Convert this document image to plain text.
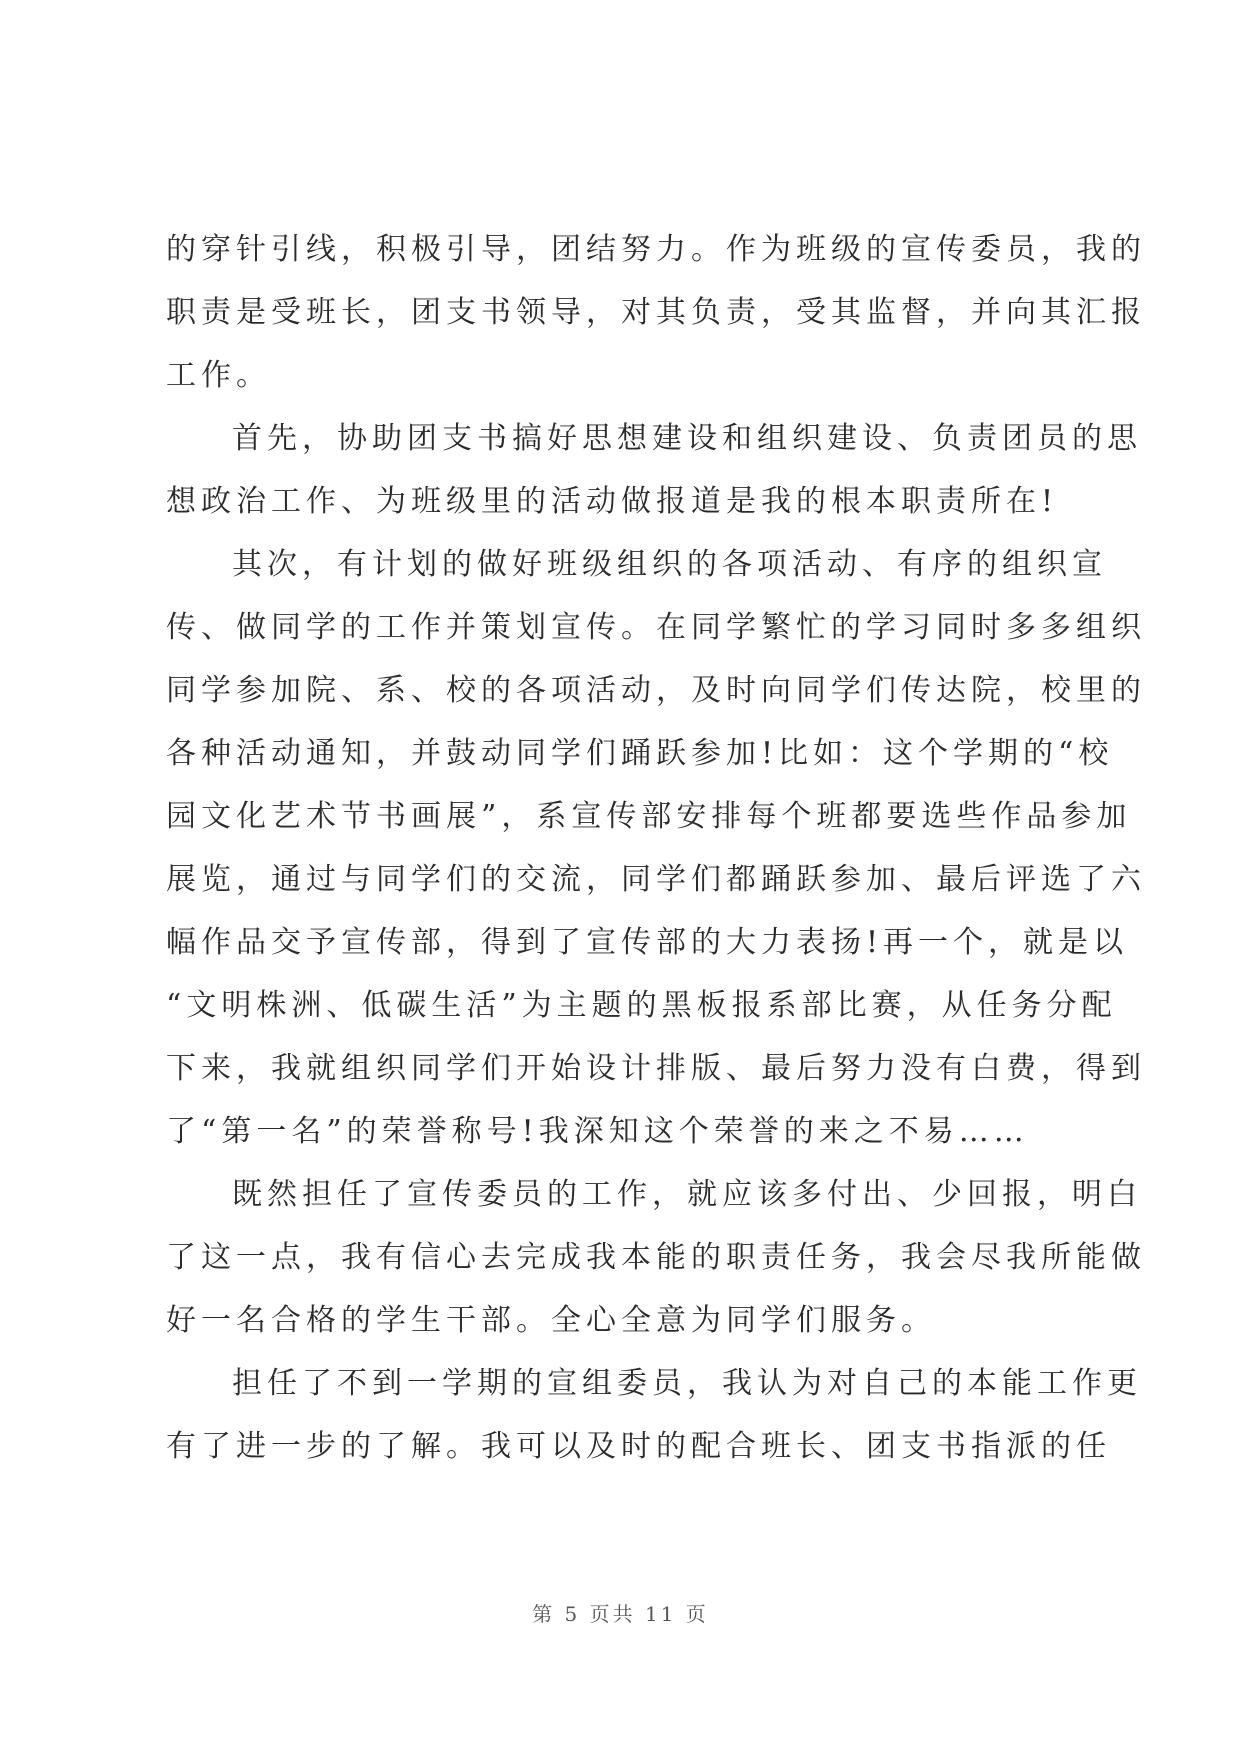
的穿针引线，积极引导，团结努力。作为班级的宣传委员，我的
职责是受班长，团支书领导，对其负责，受其监督，并向其汇报
工作。
首先，协助团支书搞好思想建设和组织建设、负责团员的思
想政治工作、为班级里的活动做报道是我的根本职责所在!
其次，有计划的做好班级组织的各项活动、有序的组织宣
传、做同学的工作并策划宣传。在同学繁忙的学习同时多多组织
同学参加院、系、校的各项活动，及时向同学们传达院，校里的
各种活动通知，并鼓动同学们踊跃参加!比如：这个学期的“校
园文化艺术节书画展”，系宣传部安排每个班都要选些作品参加
展览，通过与同学们的交流，同学们都踊跃参加、最后评选了六
幅作品交予宣传部，得到了宣传部的大力表扬!再一个，就是以
“文明株洲、低碳生活”为主题的黑板报系部比赛，从任务分配
下来，我就组织同学们开始设计排版、最后努力没有白费，得到
了“第一名”的荣誉称号!我深知这个荣誉的来之不易……
既然担任了宣传委员的工作，就应该多付出、少回报，明白
了这一点，我有信心去完成我本能的职责任务，我会尽我所能做
好一名合格的学生干部。全心全意为同学们服务。
担任了不到一学期的宣组委员，我认为对自己的本能工作更
有了进一步的了解。我可以及时的配合班长、团支书指派的任
第 5 页共 11 页
